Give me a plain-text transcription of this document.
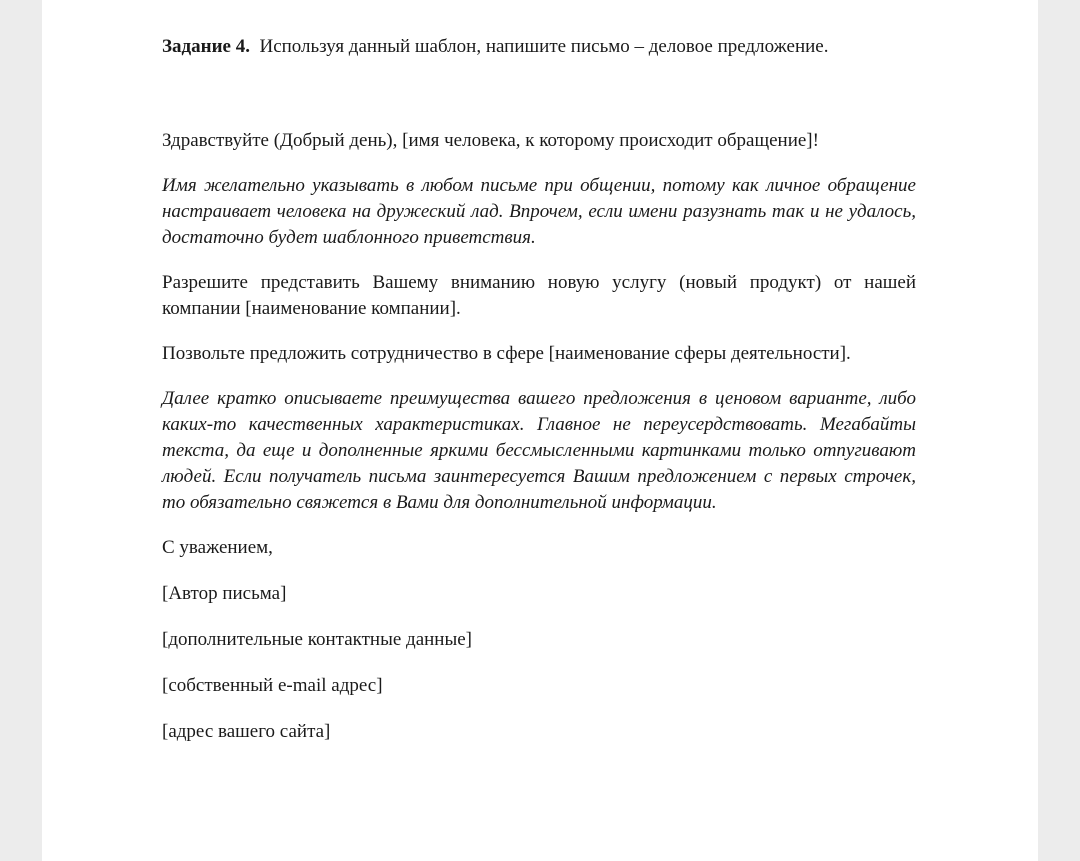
Задание 4. Используя данный шаблон, напишите письмо – деловое предложение.

Здравствуйте (Добрый день), [имя человека, к которому происходит обращение]!

Имя желательно указывать в любом письме при общении, потому как личное обращение настраивает человека на дружеский лад. Впрочем, если имени разузнать так и не удалось, достаточно будет шаблонного приветствия.

Разрешите представить Вашему вниманию новую услугу (новый продукт) от нашей компании [наименование компании].

Позвольте предложить сотрудничество в сфере [наименование сферы деятельности].

Далее кратко описываете преимущества вашего предложения в ценовом варианте, либо каких-то качественных характеристиках. Главное не переусердствовать. Мегабайты текста, да еще и дополненные яркими бессмысленными картинками только отпугивают людей. Если получатель письма заинтересуется Вашим предложением с первых строчек, то обязательно свяжется в Вами для дополнительной информации.

С уважением,

[Автор письма]

[дополнительные контактные данные]

[собственный e-mail адрес]

[адрес вашего сайта]
